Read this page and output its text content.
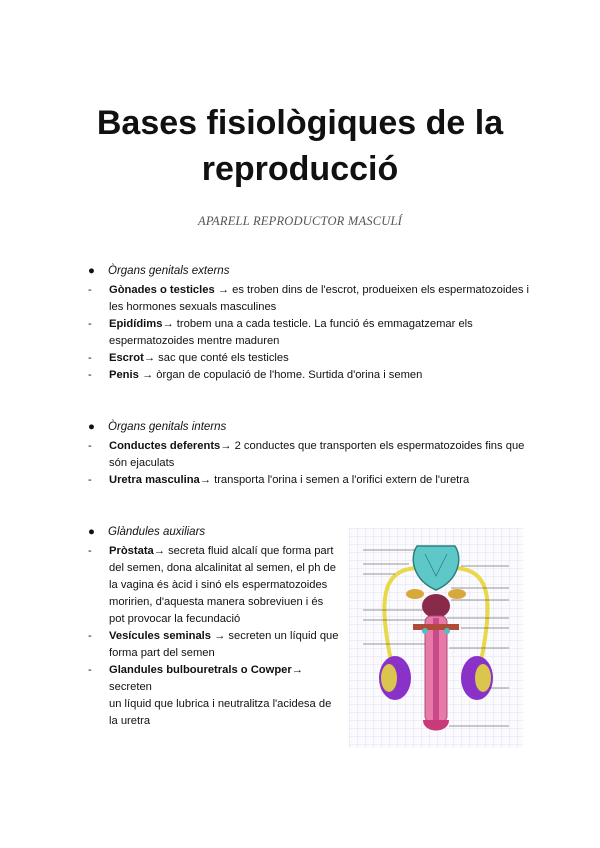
Bases fisiològiques de la
reproducció
APARELL REPRODUCTOR MASCULÍ
● Òrgans genitals externs
- Gònades o testicles → es troben dins de l'escrot, produeixen els espermatozoides i
les hormones sexuals masculines
- Epidídims→ trobem una a cada testicle. La funció és emmagatzemar els
espermatozoides mentre maduren
- Escrot→ sac que conté els testicles
- Penis → òrgan de copulació de l'home. Surtida d'orina i semen
● Òrgans genitals interns
- Conductes deferents→ 2 conductes que transporten els espermatozoides fins que
són ejaculats
- Uretra masculina→ transporta l'orina i semen a l'orifici extern de l'uretra
● Glàndules auxiliars
- Pròstata→ secreta fluid alcalí que forma part
del semen, dona alcalinitat al semen, el ph de
la vagina és àcid i sinó els espermatozoides
moririen, d'aquesta manera sobreviuen i és
pot provocar la fecundació
- Vesícules seminals → secreten un líquid que
forma part del semen
- Glandules bulbouretrals o Cowper→ secreten
un líquid que lubrica i neutralitza l'acidesa de
la uretra
